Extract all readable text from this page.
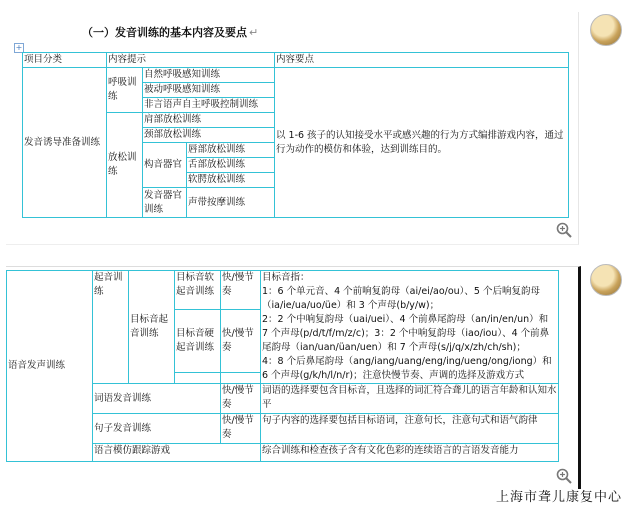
（一）发音训练的基本内容及要点 ↵
+
项目分类	内容提示			内容要点
发音诱导准备训练	呼吸训练	自然呼吸感知训练		以 1-6 孩子的认知接受水平或感兴趣的行为方式编排游戏内容，通过行为动作的模仿和体验，达到训练目的。
		被动呼吸感知训练		
		非言语声自主呼吸控制训练		
	放松训练	肩部放松训练		
		颈部放松训练		
		构音器官	唇部放松训练	
			舌部放松训练	
			软腭放松训练	
		发音器官训练	声带按摩训练	
语音发声训练	起音训练	目标音起音训练	目标音软起音训练	快/慢节奏	目标音指：
1：6 个单元音、4 个前响复韵母（ai/ei/ao/ou）、5 个后响复韵母（ia/ie/ua/uo/üe）和 3 个声母(b/y/w)；
2：2 个中响复韵母（uai/uei）、4 个前鼻尾韵母（an/in/en/un）和 7 个声母(p/d/t/f/m/z/c)；3：2 个中响复韵母（iao/iou）、4 个前鼻尾韵母（ian/uan/üan/uen）和 7 个声母(s/j/q/x/zh/ch/sh)；
4：8 个后鼻尾韵母（ang/iang/uang/eng/ing/ueng/ong/iong）和 6 个声母(g/k/h/l/n/r)；注意快慢节奏、声调的选择及游戏方式

			目标音硬起音训练	快/慢节奏	

	词语发音训练			快/慢节奏	词语的选择要包含目标音，且选择的词汇符合聋儿的语言年龄和认知水平
	句子发音训练			快/慢节奏	句子内容的选择要包括目标语词，注意句长，注意句式和语气韵律
	语言模仿跟踪游戏				综合训练和检查孩子含有文化色彩的连续语言的言语发音能力
上海市聋儿康复中心
